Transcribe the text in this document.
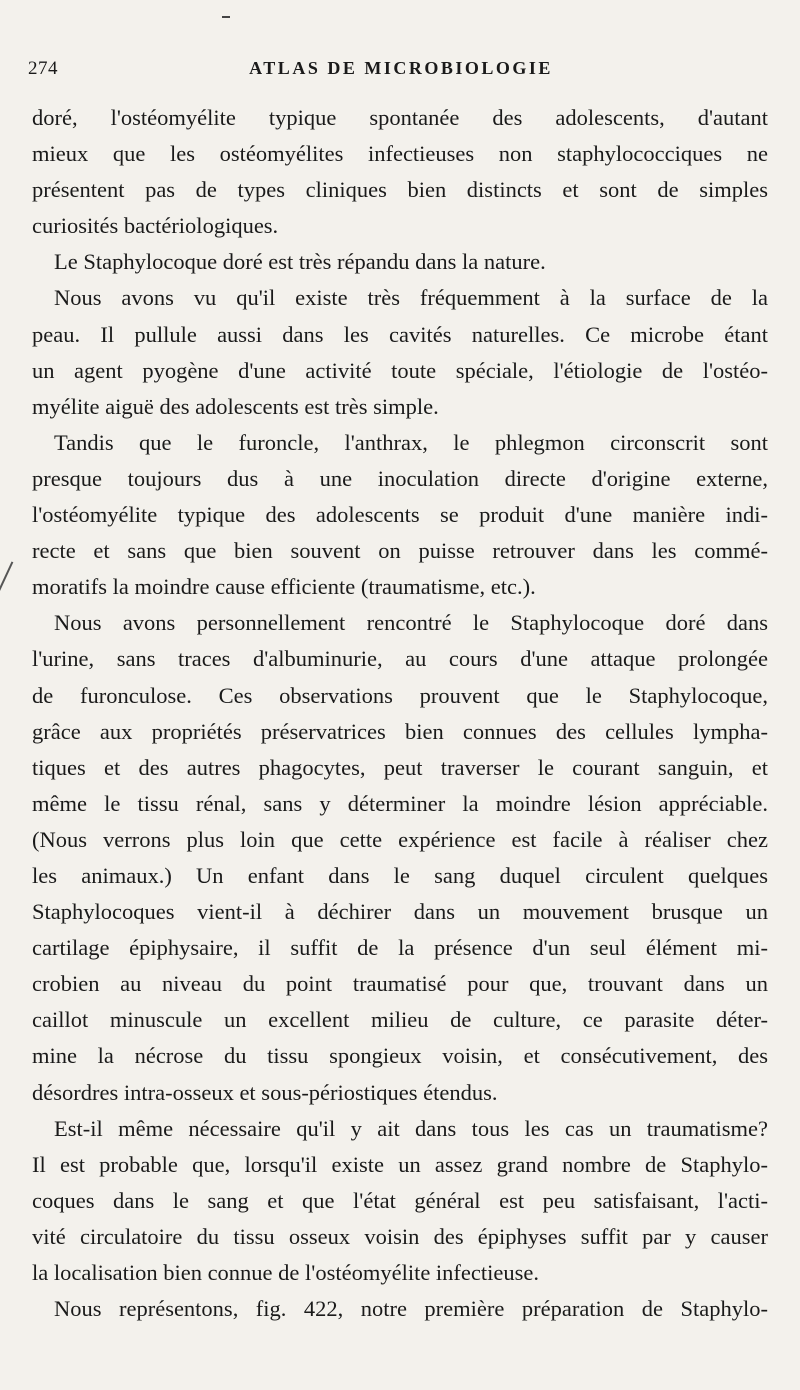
274	ATLAS DE MICROBIOLOGIE
doré, l'ostéomyélite typique spontanée des adolescents, d'autant
mieux que les ostéomyélites infectieuses non staphylococciques ne
présentent pas de types cliniques bien distincts et sont de simples
curiosités bactériologiques.
Le Staphylocoque doré est très répandu dans la nature.
Nous avons vu qu'il existe très fréquemment à la surface de la
peau. Il pullule aussi dans les cavités naturelles. Ce microbe étant
un agent pyogène d'une activité toute spéciale, l'étiologie de l'ostéo-
myélite aiguë des adolescents est très simple.
Tandis que le furoncle, l'anthrax, le phlegmon circonscrit sont
presque toujours dus à une inoculation directe d'origine externe,
l'ostéomyélite typique des adolescents se produit d'une manière indi-
recte et sans que bien souvent on puisse retrouver dans les commé-
moratifs la moindre cause efficiente (traumatisme, etc.).
Nous avons personnellement rencontré le Staphylocoque doré dans
l'urine, sans traces d'albuminurie, au cours d'une attaque prolongée
de furonculose. Ces observations prouvent que le Staphylocoque,
grâce aux propriétés préservatrices bien connues des cellules lympha-
tiques et des autres phagocytes, peut traverser le courant sanguin, et
même le tissu rénal, sans y déterminer la moindre lésion appréciable.
(Nous verrons plus loin que cette expérience est facile à réaliser chez
les animaux.) Un enfant dans le sang duquel circulent quelques
Staphylocoques vient-il à déchirer dans un mouvement brusque un
cartilage épiphysaire, il suffit de la présence d'un seul élément mi-
crobien au niveau du point traumatisé pour que, trouvant dans un
caillot minuscule un excellent milieu de culture, ce parasite déter-
mine la nécrose du tissu spongieux voisin, et consécutivement, des
désordres intra-osseux et sous-périostiques étendus.
Est-il même nécessaire qu'il y ait dans tous les cas un traumatisme?
Il est probable que, lorsqu'il existe un assez grand nombre de Staphylo-
coques dans le sang et que l'état général est peu satisfaisant, l'acti-
vité circulatoire du tissu osseux voisin des épiphyses suffit par y causer
la localisation bien connue de l'ostéomyélite infectieuse.
Nous représentons, fig. 422, notre première préparation de Staphylo-
